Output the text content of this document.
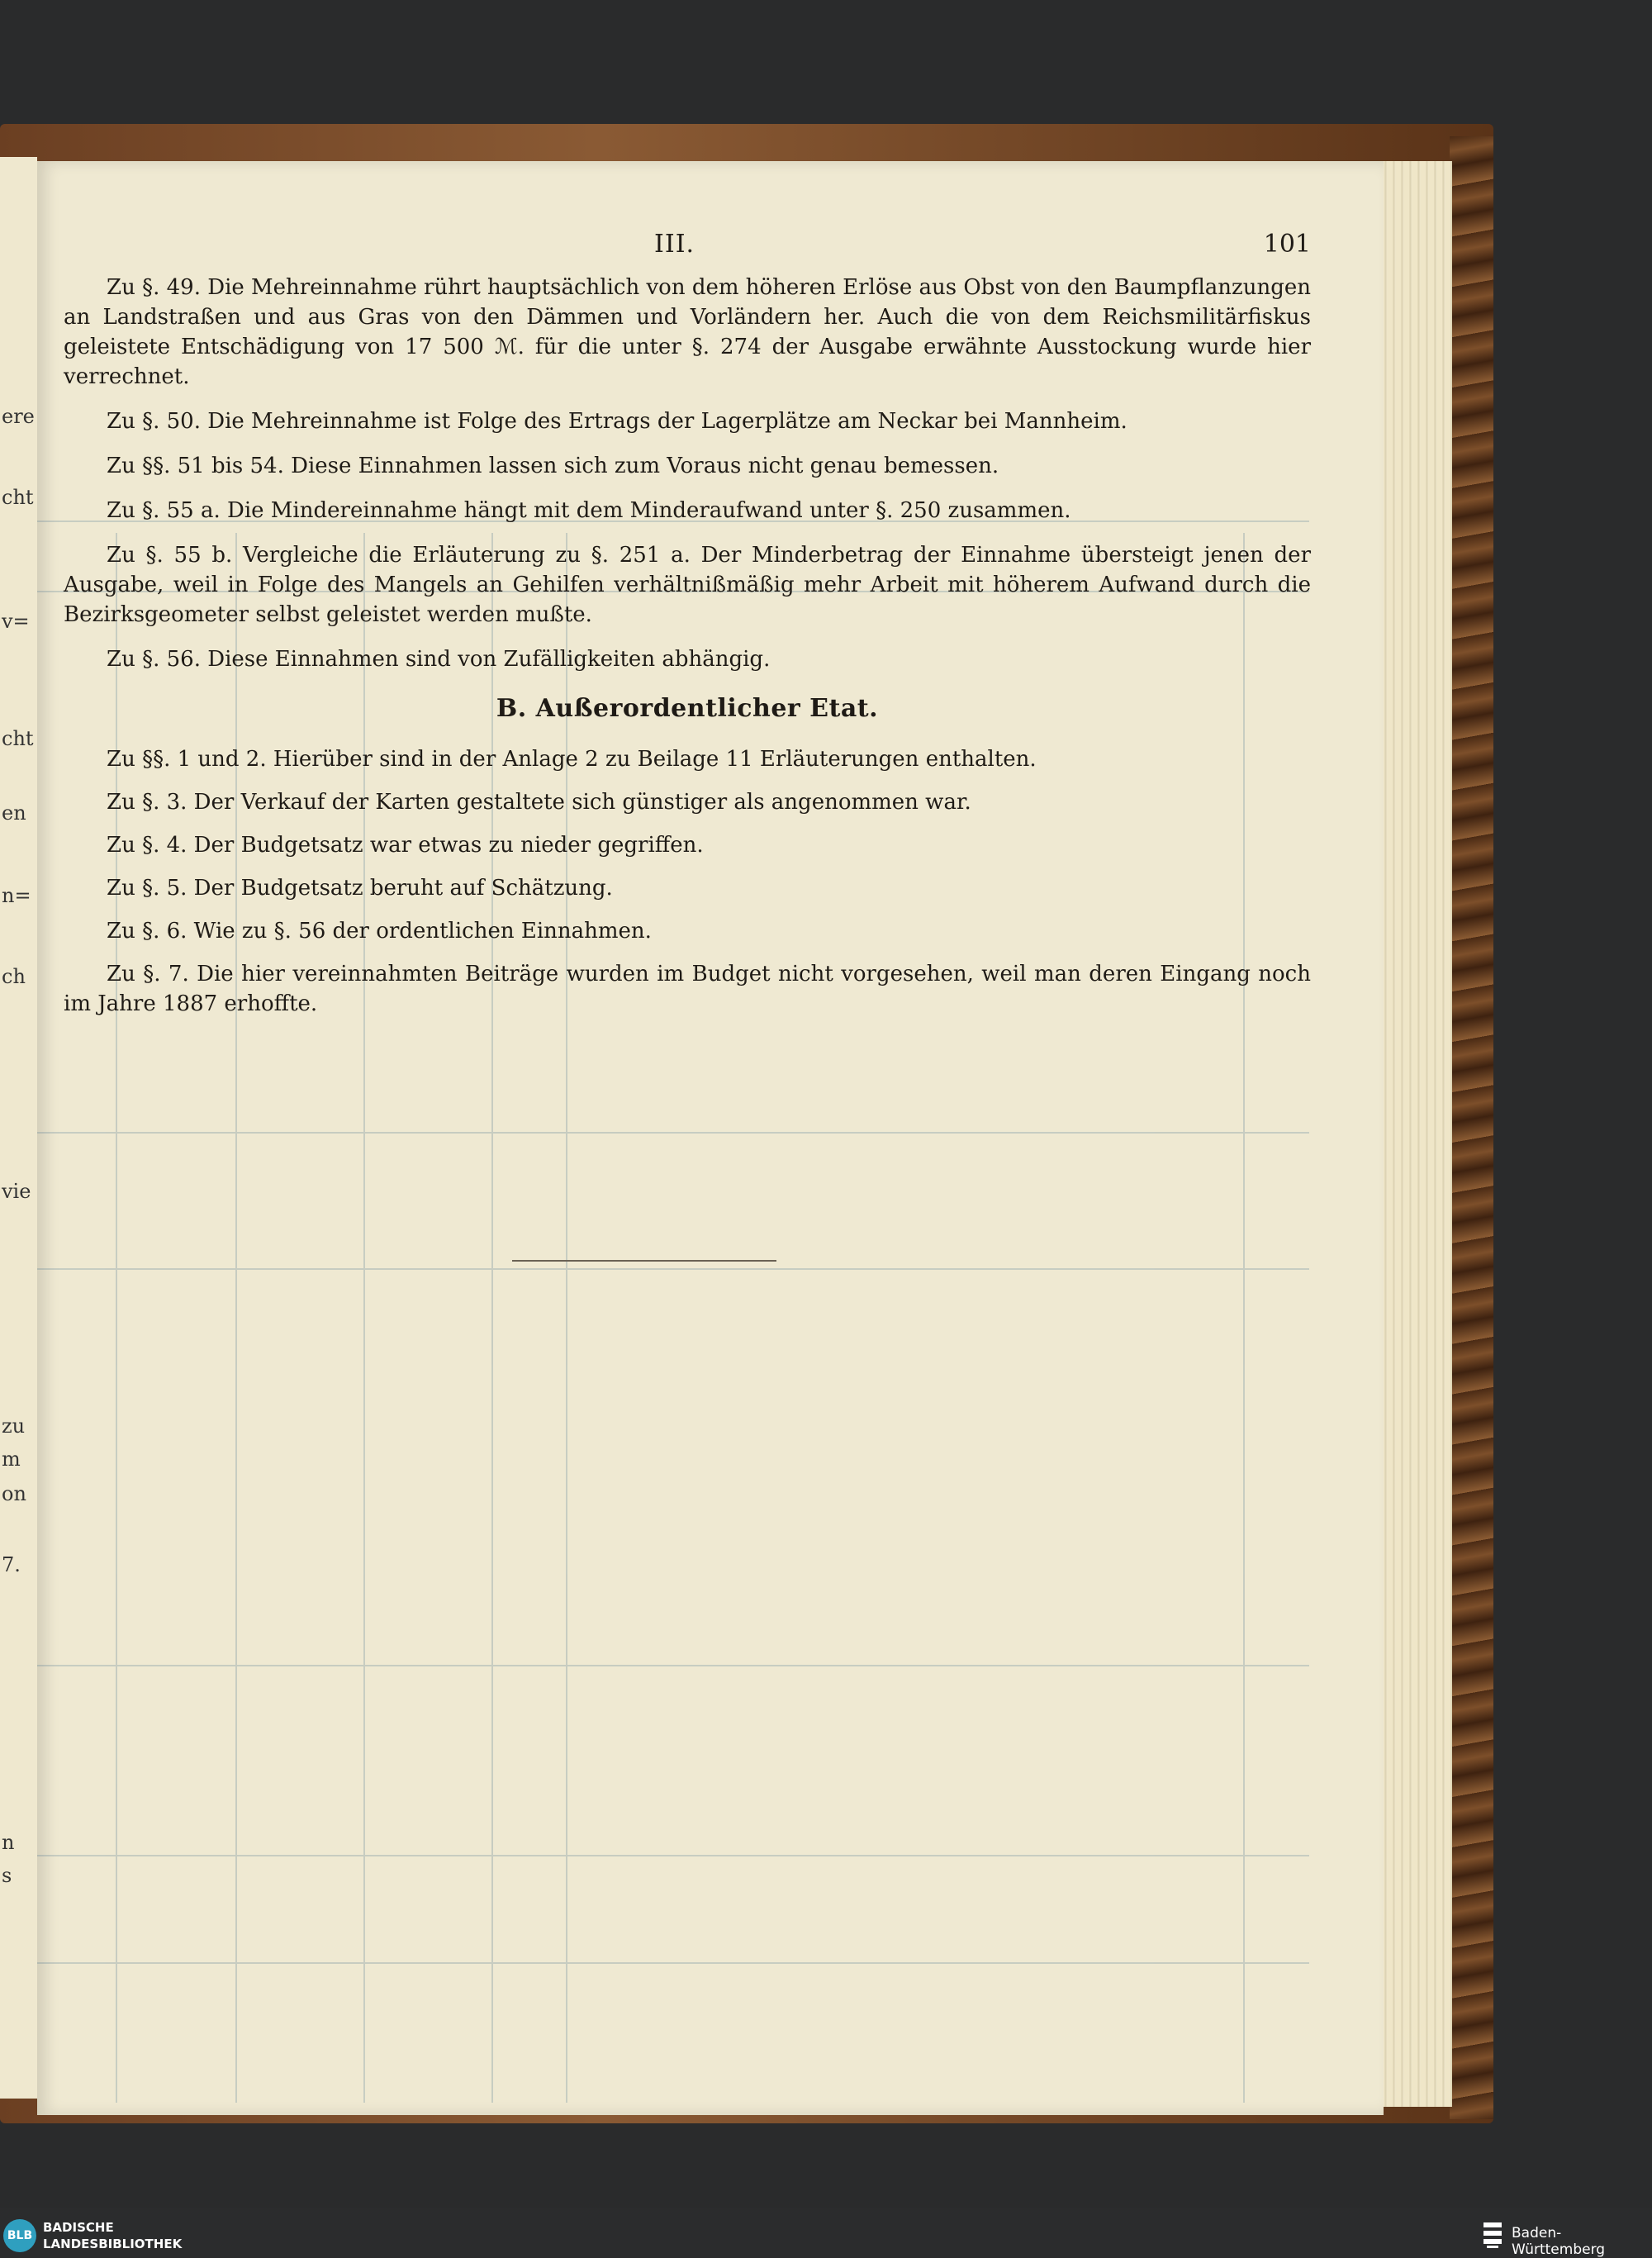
ere
cht
v=
cht
en
n=
ch
vie
zu
m
on
7.
n
s

III.	101

Zu §. 49. Die Mehreinnahme rührt hauptsächlich von dem höheren Erlöse aus Obst von den Baumpflanzungen an Landstraßen und aus Gras von den Dämmen und Vorländern her. Auch die von dem Reichsmilitärfiskus geleistete Entschädigung von 17 500 ℳ. für die unter §. 274 der Ausgabe erwähnte Ausstockung wurde hier verrechnet.

Zu §. 50. Die Mehreinnahme ist Folge des Ertrags der Lagerplätze am Neckar bei Mannheim.

Zu §§. 51 bis 54. Diese Einnahmen lassen sich zum Voraus nicht genau bemessen.

Zu §. 55 a. Die Mindereinnahme hängt mit dem Minderaufwand unter §. 250 zusammen.

Zu §. 55 b. Vergleiche die Erläuterung zu §. 251 a. Der Minderbetrag der Einnahme übersteigt jenen der Ausgabe, weil in Folge des Mangels an Gehilfen verhältnißmäßig mehr Arbeit mit höherem Aufwand durch die Bezirksgeometer selbst geleistet werden mußte.

Zu §. 56. Diese Einnahmen sind von Zufälligkeiten abhängig.

B. Außerordentlicher Etat.

Zu §§. 1 und 2. Hierüber sind in der Anlage 2 zu Beilage 11 Erläuterungen enthalten.

Zu §. 3. Der Verkauf der Karten gestaltete sich günstiger als angenommen war.

Zu §. 4. Der Budgetsatz war etwas zu nieder gegriffen.

Zu §. 5. Der Budgetsatz beruht auf Schätzung.

Zu §. 6. Wie zu §. 56 der ordentlichen Einnahmen.

Zu §. 7. Die hier vereinnahmten Beiträge wurden im Budget nicht vorgesehen, weil man deren Eingang noch im Jahre 1887 erhoffte.

BLB
BADISCHE
LANDESBIBLIOTHEK
Baden-Württemberg
